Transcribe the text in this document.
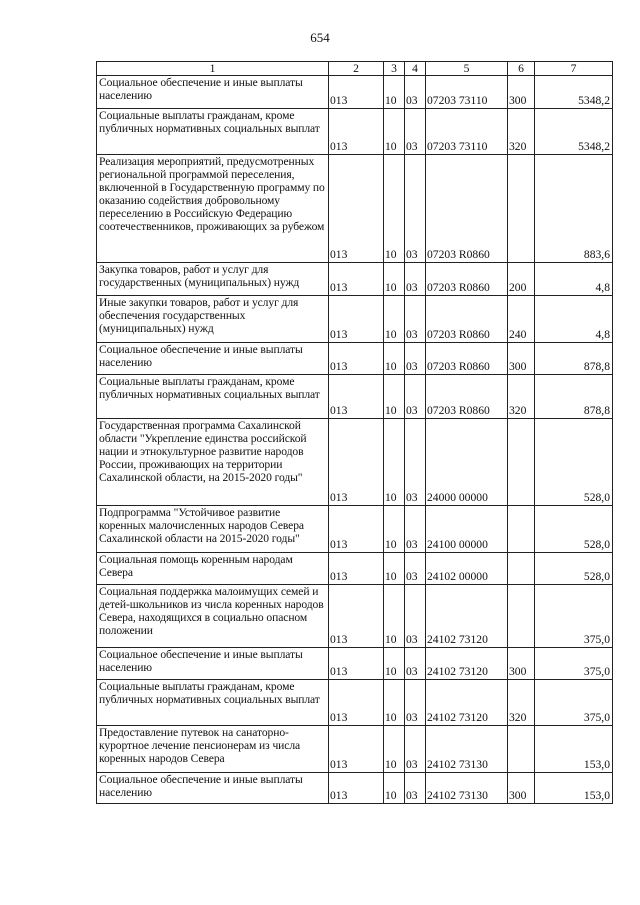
654
1	2	3	4	5	6	7
Социальное обеспечение и иные выплаты населению	013	10	03	07203 73110	300	5348,2
Социальные выплаты гражданам, кроме публичных нормативных социальных выплат	013	10	03	07203 73110	320	5348,2
Реализация мероприятий, предусмотренных региональной программой переселения, включенной в Государственную программу по оказанию содействия добровольному переселению в Российскую Федерацию соотечественников, проживающих за рубежом	013	10	03	07203 R0860		883,6
Закупка товаров, работ и услуг для государственных (муниципальных) нужд	013	10	03	07203 R0860	200	4,8
Иные закупки товаров, работ и услуг для обеспечения государственных (муниципальных) нужд	013	10	03	07203 R0860	240	4,8
Социальное обеспечение и иные выплаты населению	013	10	03	07203 R0860	300	878,8
Социальные выплаты гражданам, кроме публичных нормативных социальных выплат	013	10	03	07203 R0860	320	878,8
Государственная программа Сахалинской области "Укрепление единства российской нации и этнокультурное развитие народов России, проживающих на территории Сахалинской области, на 2015-2020 годы"	013	10	03	24000 00000		528,0
Подпрограмма "Устойчивое развитие коренных малочисленных народов Севера Сахалинской области на 2015-2020 годы"	013	10	03	24100 00000		528,0
Социальная помощь коренным народам Севера	013	10	03	24102 00000		528,0
Социальная поддержка малоимущих семей и детей-школьников из числа коренных народов Севера, находящихся в социально опасном положении	013	10	03	24102 73120		375,0
Социальное обеспечение и иные выплаты населению	013	10	03	24102 73120	300	375,0
Социальные выплаты гражданам, кроме публичных нормативных социальных выплат	013	10	03	24102 73120	320	375,0
Предоставление путевок на санаторно-курортное лечение пенсионерам из числа коренных народов Севера	013	10	03	24102 73130		153,0
Социальное обеспечение и иные выплаты населению	013	10	03	24102 73130	300	153,0
